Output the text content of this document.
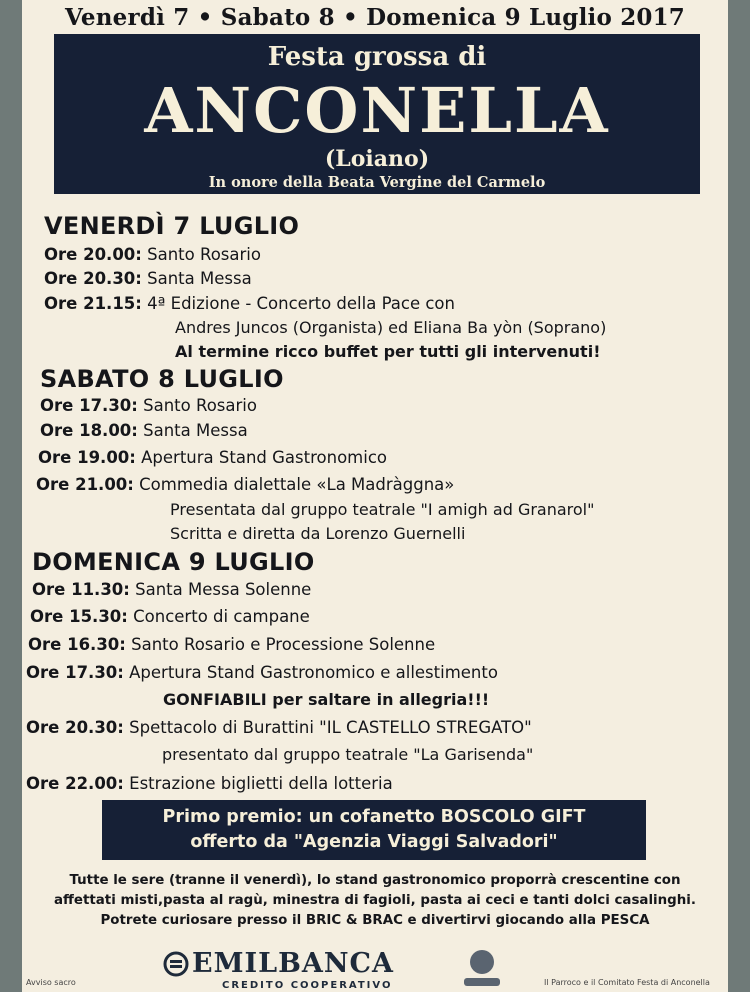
Venerdì 7 • Sabato 8 • Domenica 9 Luglio 2017
Festa grossa di
ANCONELLA
(Loiano)
In onore della Beata Vergine del Carmelo
VENERDÌ 7 LUGLIO
Ore 20.00: Santo Rosario
Ore 20.30: Santa Messa
Ore 21.15: 4ª Edizione - Concerto della Pace con
Andres Juncos (Organista) ed Eliana Ba yòn (Soprano)
Al termine ricco buffet per tutti gli intervenuti!
SABATO 8 LUGLIO
Ore 17.30: Santo Rosario
Ore 18.00: Santa Messa
Ore 19.00: Apertura Stand Gastronomico
Ore 21.00: Commedia dialettale «La Madràggna»
Presentata dal gruppo teatrale "I amigh ad Granarol"
Scritta e diretta da Lorenzo Guernelli
DOMENICA 9 LUGLIO
Ore 11.30: Santa Messa Solenne
Ore 15.30: Concerto di campane
Ore 16.30: Santo Rosario e Processione Solenne
Ore 17.30: Apertura Stand Gastronomico e allestimento
GONFIABILI per saltare in allegria!!!
Ore 20.30: Spettacolo di Burattini "IL CASTELLO STREGATO"
presentato dal gruppo teatrale "La Garisenda"
Ore 22.00: Estrazione biglietti della lotteria
Primo premio: un cofanetto BOSCOLO GIFT
offerto da "Agenzia Viaggi Salvadori"
Tutte le sere (tranne il venerdì), lo stand gastronomico proporrà crescentine con
affettati misti,pasta al ragù, minestra di fagioli, pasta ai ceci e tanti dolci casalinghi.
Potrete curiosare presso il BRIC & BRAC e divertirvi giocando alla PESCA
EMILBANCA
CREDITO COOPERATIVO
Avviso sacro	Il Parroco e il Comitato Festa di Anconella
